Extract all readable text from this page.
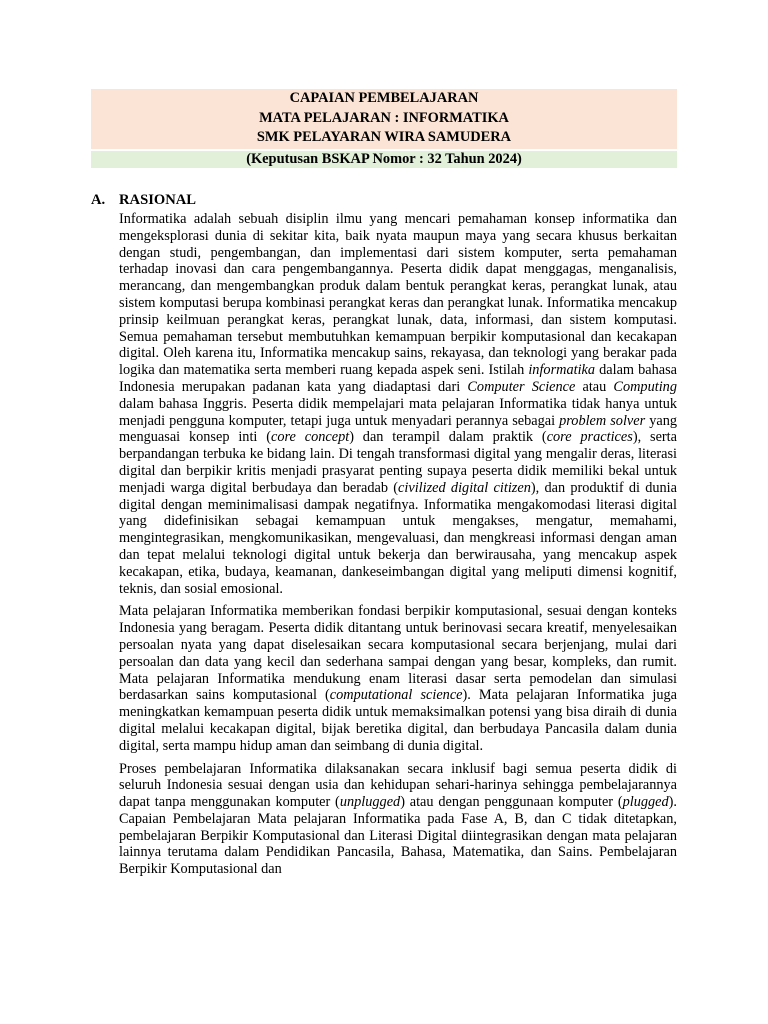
CAPAIAN PEMBELAJARAN
MATA PELAJARAN : INFORMATIKA
SMK PELAYARAN WIRA SAMUDERA
(Keputusan BSKAP Nomor : 32 Tahun 2024)
A. RASIONAL

Informatika adalah sebuah disiplin ilmu yang mencari pemahaman konsep informatika dan mengeksplorasi dunia di sekitar kita, baik nyata maupun maya yang secara khusus berkaitan dengan studi, pengembangan, dan implementasi dari sistem komputer, serta pemahaman terhadap inovasi dan cara pengembangannya. Peserta didik dapat menggagas, menganalisis, merancang, dan mengembangkan produk dalam bentuk perangkat keras, perangkat lunak, atau sistem komputasi berupa kombinasi perangkat keras dan perangkat lunak. Informatika mencakup prinsip keilmuan perangkat keras, perangkat lunak, data, informasi, dan sistem komputasi. Semua pemahaman tersebut membutuhkan kemampuan berpikir komputasional dan kecakapan digital. Oleh karena itu, Informatika mencakup sains, rekayasa, dan teknologi yang berakar pada logika dan matematika serta memberi ruang kepada aspek seni. Istilah informatika dalam bahasa Indonesia merupakan padanan kata yang diadaptasi dari Computer Science atau Computing dalam bahasa Inggris. Peserta didik mempelajari mata pelajaran Informatika tidak hanya untuk menjadi pengguna komputer, tetapi juga untuk menyadari perannya sebagai problem solver yang menguasai konsep inti (core concept) dan terampil dalam praktik (core practices), serta berpandangan terbuka ke bidang lain. Di tengah transformasi digital yang mengalir deras, literasi digital dan berpikir kritis menjadi prasyarat penting supaya peserta didik memiliki bekal untuk menjadi warga digital berbudaya dan beradab (civilized digital citizen), dan produktif di dunia digital dengan meminimalisasi dampak negatifnya. Informatika mengakomodasi literasi digital yang didefinisikan sebagai kemampuan untuk mengakses, mengatur, memahami, mengintegrasikan, mengkomunikasikan, mengevaluasi, dan mengkreasi informasi dengan aman dan tepat melalui teknologi digital untuk bekerja dan berwirausaha, yang mencakup aspek kecakapan, etika, budaya, keamanan, dankeseimbangan digital yang meliputi dimensi kognitif, teknis, dan sosial emosional.

Mata pelajaran Informatika memberikan fondasi berpikir komputasional, sesuai dengan konteks Indonesia yang beragam. Peserta didik ditantang untuk berinovasi secara kreatif, menyelesaikan persoalan nyata yang dapat diselesaikan secara komputasional secara berjenjang, mulai dari persoalan dan data yang kecil dan sederhana sampai dengan yang besar, kompleks, dan rumit. Mata pelajaran Informatika mendukung enam literasi dasar serta pemodelan dan simulasi berdasarkan sains komputasional (computational science). Mata pelajaran Informatika juga meningkatkan kemampuan peserta didik untuk memaksimalkan potensi yang bisa diraih di dunia digital melalui kecakapan digital, bijak beretika digital, dan berbudaya Pancasila dalam dunia digital, serta mampu hidup aman dan seimbang di dunia digital.

Proses pembelajaran Informatika dilaksanakan secara inklusif bagi semua peserta didik di seluruh Indonesia sesuai dengan usia dan kehidupan sehari-harinya sehingga pembelajarannya dapat tanpa menggunakan komputer (unplugged) atau dengan penggunaan komputer (plugged). Capaian Pembelajaran Mata pelajaran Informatika pada Fase A, B, dan C tidak ditetapkan, pembelajaran Berpikir Komputasional dan Literasi Digital diintegrasikan dengan mata pelajaran lainnya terutama dalam Pendidikan Pancasila, Bahasa, Matematika, dan Sains. Pembelajaran Berpikir Komputasional dan
